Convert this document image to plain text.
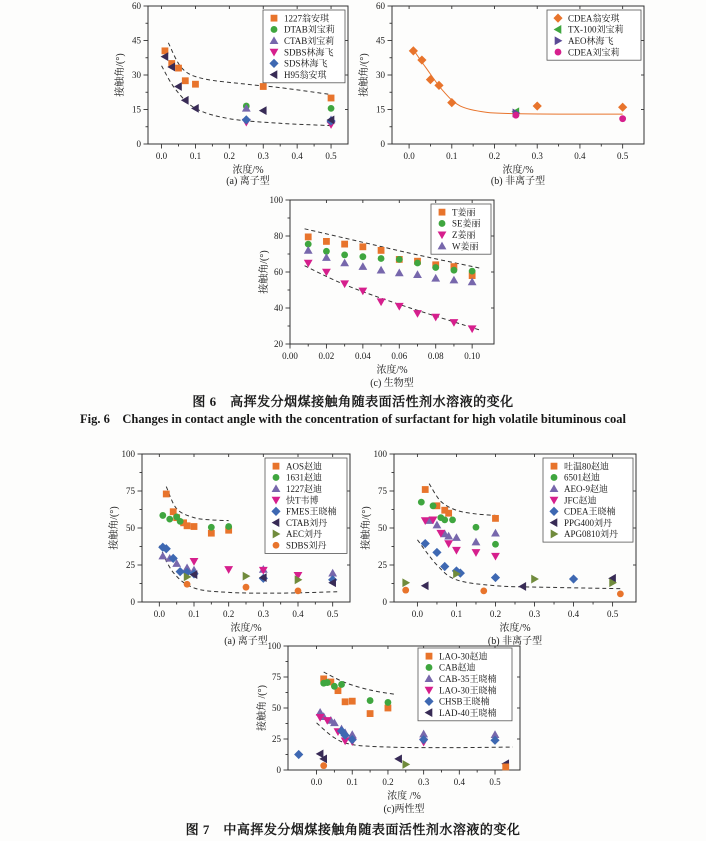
0.0	0.1	0.2	0.3	0.4	0.5
0
15
30
45
60
浓度/%
接触角/(°)
1227翁安琪
DTAB刘宝莉
CTAB刘宝莉
SDBS林海飞
SDS林海飞
H95翁安琪
(a) 离子型
0.0	0.1	0.2	0.3	0.4	0.5
0
15
30
45
60
浓度/%
接触角/(°)
CDEA翁安琪
TX-100刘宝莉
AEO林海飞
CDEA刘宝莉
(b) 非离子型
0.00 0.02 0.04 0.06 0.08 0.10
20
40
60
80
100
浓度/%
接触角/(°)
T姜丽
SE姜丽
Z姜丽
W姜丽
(c) 生物型
图 6　高挥发分烟煤接触角随表面活性剂水溶液的变化
Fig. 6　Changes in contact angle with the concentration of surfactant for high volatile bituminous coal
0.0	0.1	0.2	0.3	0.4	0.5
0
25
50
75
100
浓度/%
接触角/(°)
AOS赵迪
1631赵迪
1227赵迪
快T韦博
FMES王晓楠
CTAB刘丹
AEC刘丹
SDBS刘丹
(a) 离子型
0.0	0.1	0.2	0.3	0.4	0.5
0
25
50
75
100
浓度/%
接触角/(°)
吐温80赵迪
6501赵迪
AEO-9赵迪
JFC赵迪
CDEA王晓楠
PPG400刘丹
APG0810刘丹
(b) 非离子型
0.0	0.1	0.2	0.3	0.4	0.5
0
25
50
75
100
浓度 /%
接触角 /(°)
LAO-30赵迪
CAB赵迪
CAB-35王晓楠
LAO-30王晓楠
CHSB王晓楠
LAD-40王晓楠
(c)两性型
图 7　中高挥发分烟煤接触角随表面活性剂水溶液的变化
